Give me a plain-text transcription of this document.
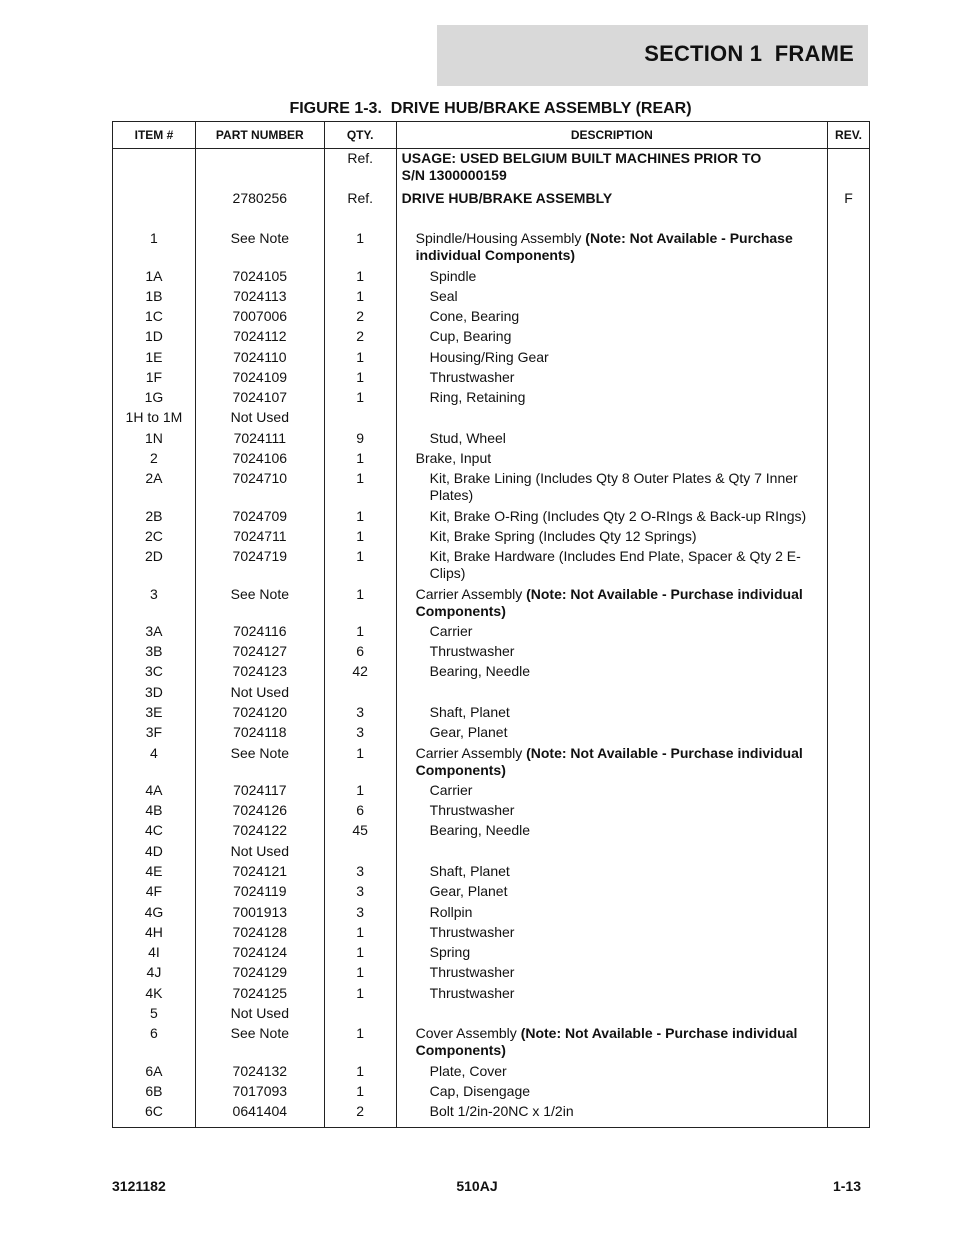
SECTION 1  FRAME
FIGURE 1-3.  DRIVE HUB/BRAKE ASSEMBLY (REAR)
ITEM #	PART NUMBER	QTY.	DESCRIPTION	REV.
		Ref.	USAGE: USED BELGIUM BUILT MACHINES PRIOR TO
S/N 1300000159	
	2780256	Ref.	DRIVE HUB/BRAKE ASSEMBLY	F
1	See Note	1	Spindle/Housing Assembly (Note: Not Available - Purchase individual Components)	
1A	7024105	1	Spindle	
1B	7024113	1	Seal	
1C	7007006	2	Cone, Bearing	
1D	7024112	2	Cup, Bearing	
1E	7024110	1	Housing/Ring Gear	
1F	7024109	1	Thrustwasher	
1G	7024107	1	Ring, Retaining	
1H to 1M	Not Used			
1N	7024111	9	Stud, Wheel	
2	7024106	1	Brake, Input	
2A	7024710	1	Kit, Brake Lining (Includes Qty 8 Outer Plates & Qty 7 Inner Plates)	
2B	7024709	1	Kit, Brake O-Ring (Includes Qty 2 O-RIngs & Back-up RIngs)	
2C	7024711	1	Kit, Brake Spring (Includes Qty 12 Springs)	
2D	7024719	1	Kit, Brake Hardware (Includes End Plate, Spacer & Qty 2 E-Clips)	
3	See Note	1	Carrier Assembly (Note: Not Available - Purchase individual Components)	
3A	7024116	1	Carrier	
3B	7024127	6	Thrustwasher	
3C	7024123	42	Bearing, Needle	
3D	Not Used			
3E	7024120	3	Shaft, Planet	
3F	7024118	3	Gear, Planet	
4	See Note	1	Carrier Assembly (Note: Not Available - Purchase individual Components)	
4A	7024117	1	Carrier	
4B	7024126	6	Thrustwasher	
4C	7024122	45	Bearing, Needle	
4D	Not Used			
4E	7024121	3	Shaft, Planet	
4F	7024119	3	Gear, Planet	
4G	7001913	3	Rollpin	
4H	7024128	1	Thrustwasher	
4I	7024124	1	Spring	
4J	7024129	1	Thrustwasher	
4K	7024125	1	Thrustwasher	
5	Not Used			
6	See Note	1	Cover Assembly (Note: Not Available - Purchase individual Components)	
6A	7024132	1	Plate, Cover	
6B	7017093	1	Cap, Disengage	
6C	0641404	2	Bolt 1/2in-20NC x 1/2in	
3121182	510AJ	1-13
